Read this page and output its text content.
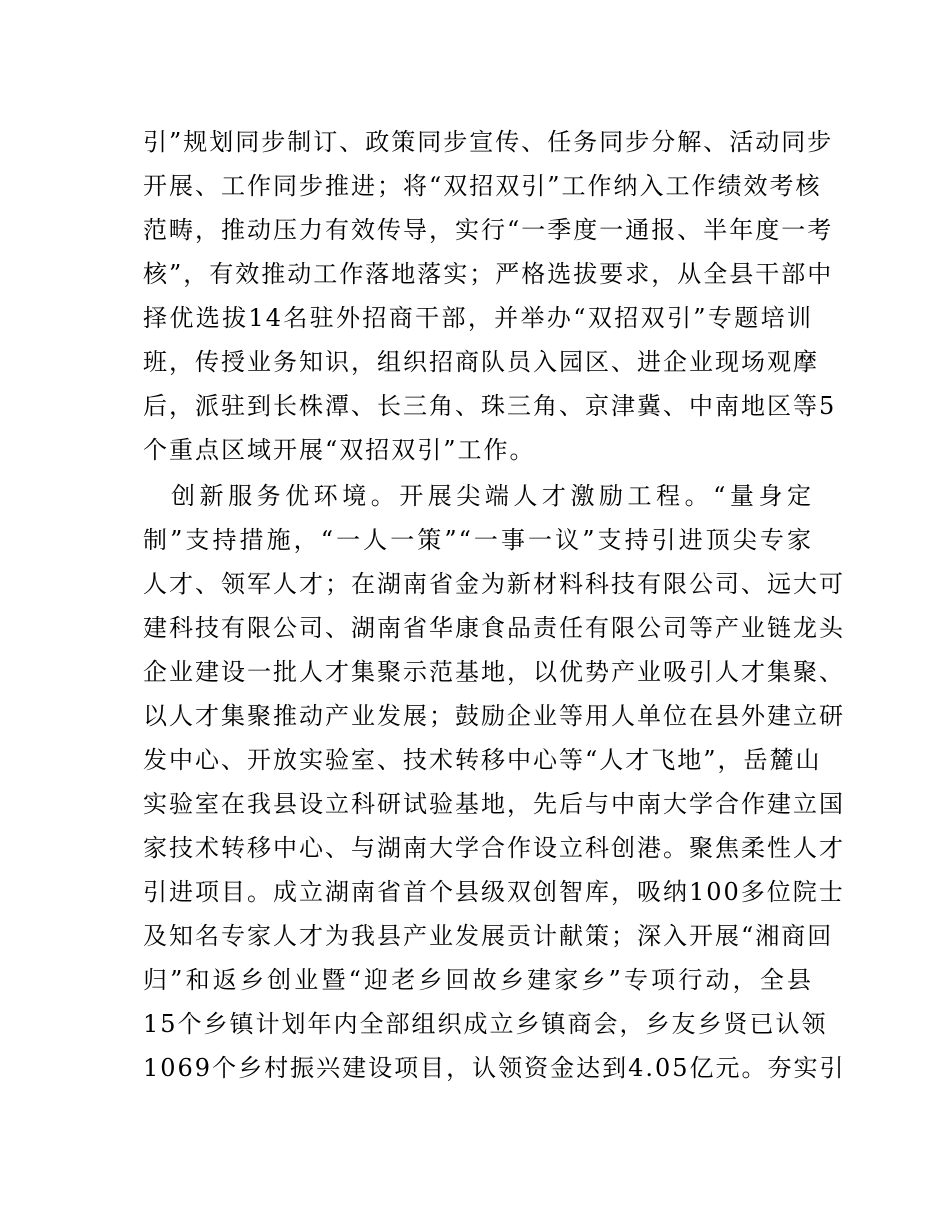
引”规划同步制订、政策同步宣传、任务同步分解、活动同步
开展、工作同步推进；将“双招双引”工作纳入工作绩效考核
范畴，推动压力有效传导，实行“一季度一通报、半年度一考
核”，有效推动工作落地落实；严格选拔要求，从全县干部中
择优选拔14名驻外招商干部，并举办“双招双引”专题培训
班，传授业务知识，组织招商队员入园区、进企业现场观摩
后，派驻到长株潭、长三角、珠三角、京津冀、中南地区等5
个重点区域开展“双招双引”工作。
创新服务优环境。开展尖端人才激励工程。“量身定
制”支持措施，“一人一策”“一事一议”支持引进顶尖专家
人才、领军人才；在湖南省金为新材料科技有限公司、远大可
建科技有限公司、湖南省华康食品责任有限公司等产业链龙头
企业建设一批人才集聚示范基地，以优势产业吸引人才集聚、
以人才集聚推动产业发展；鼓励企业等用人单位在县外建立研
发中心、开放实验室、技术转移中心等“人才飞地”，岳麓山
实验室在我县设立科研试验基地，先后与中南大学合作建立国
家技术转移中心、与湖南大学合作设立科创港。聚焦柔性人才
引进项目。成立湖南省首个县级双创智库，吸纳100多位院士
及知名专家人才为我县产业发展贡计献策；深入开展“湘商回
归”和返乡创业暨“迎老乡回故乡建家乡”专项行动，全县
15个乡镇计划年内全部组织成立乡镇商会，乡友乡贤已认领
1069个乡村振兴建设项目，认领资金达到4.05亿元。夯实引
